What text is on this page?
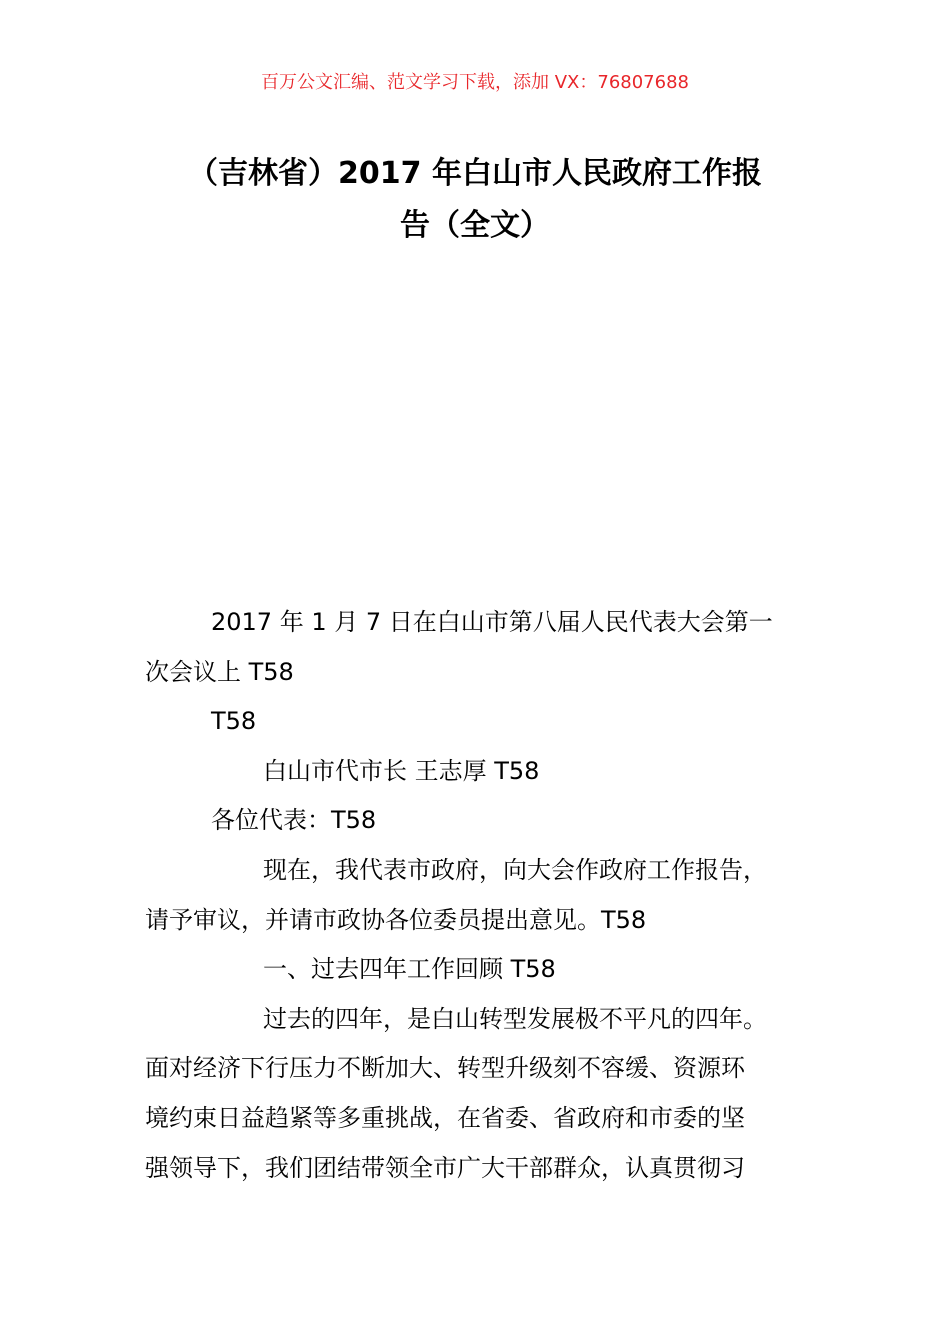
百万公文汇编、范文学习下载，添加 VX：76807688
（吉林省）2017 年白山市人民政府工作报
告（全文）
2017 年 1 月 7 日在白山市第八届人民代表大会第一
次会议上 T58
T58
白山市代市长 王志厚 T58
各位代表：T58
现在，我代表市政府，向大会作政府工作报告，
请予审议，并请市政协各位委员提出意见。T58
一、过去四年工作回顾 T58
过去的四年，是白山转型发展极不平凡的四年。
面对经济下行压力不断加大、转型升级刻不容缓、资源环
境约束日益趋紧等多重挑战，在省委、省政府和市委的坚
强领导下，我们团结带领全市广大干部群众，认真贯彻习
